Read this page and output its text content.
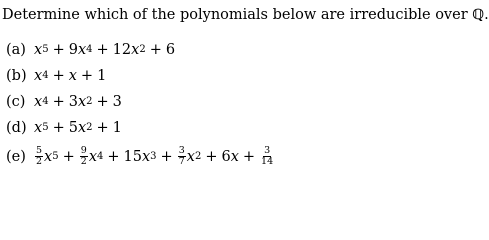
Determine which of the polynomials below are irreducible over ℚ.
(a) x 5 + 9 x 4 + 12 x 2 + 6
(b) x 4 + x + 1
(c) x 4 + 3 x 2 + 3
(d) x 5 + 5 x 2 + 1
$(e) \frac{5}{2}$ x $5 + \frac{9}{2}$ x 4 + 15 x $3 + \frac{3}{7}$ x 2 + 6 $x + \frac{3}{14}$
